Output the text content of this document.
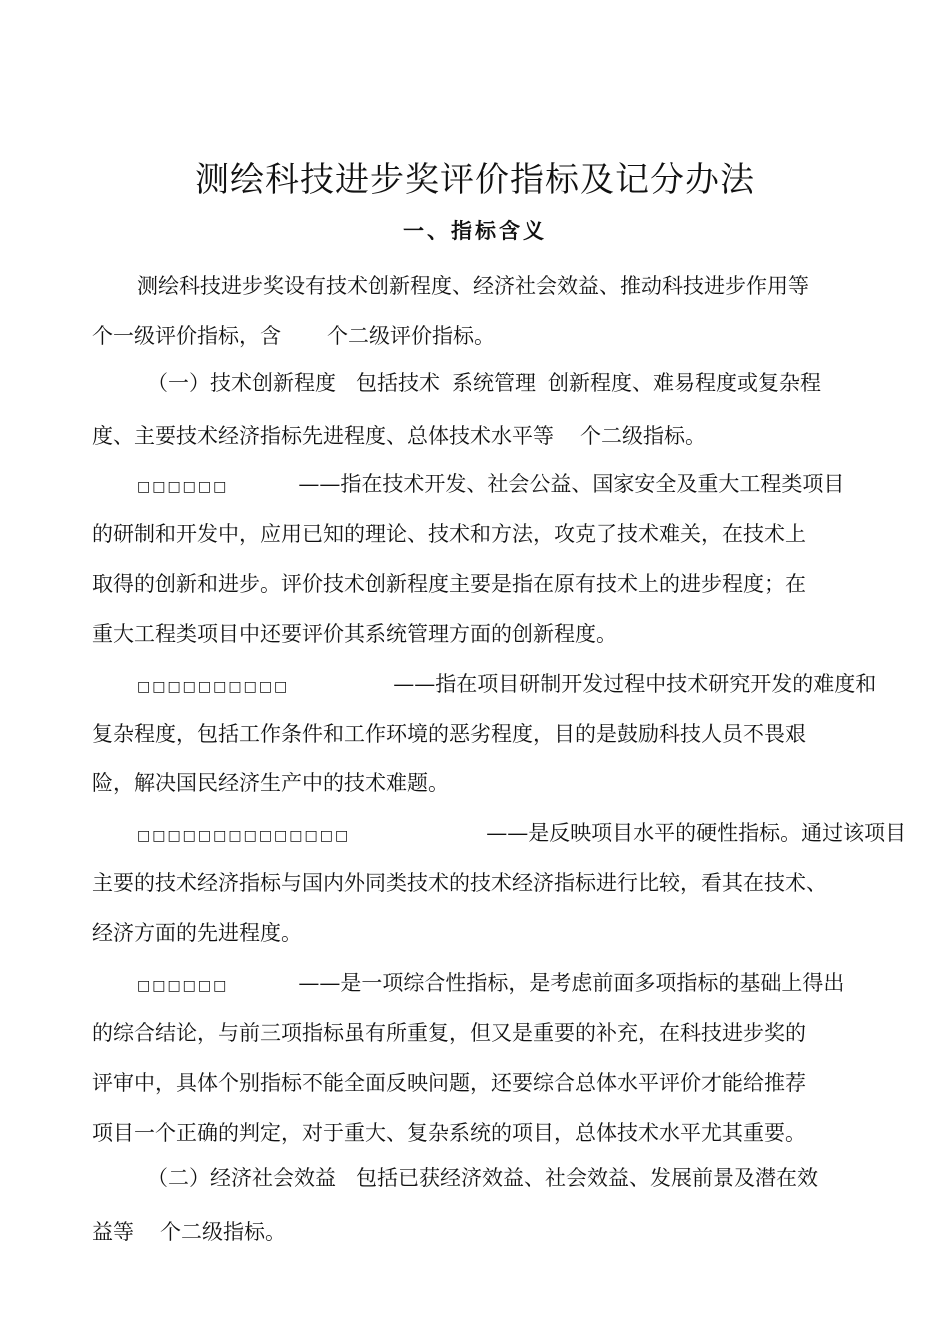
测绘科技进步奖评价指标及记分办法
一、指标含义
测绘科技进步奖设有技术创新程度、经济社会效益、推动科技进步作用等
个一级评价指标，含 个二级评价指标。
（一）技术创新程度 包括技术 系统管理 创新程度、难易程度或复杂程
度、主要技术经济指标先进程度、总体技术水平等 个二级指标。
□□□□□□	——指在技术开发、社会公益、国家安全及重大工程类项目
的研制和开发中，应用已知的理论、技术和方法，攻克了技术难关，在技术上
取得的创新和进步。评价技术创新程度主要是指在原有技术上的进步程度；在
重大工程类项目中还要评价其系统管理方面的创新程度。
□□□□□□□□□□	——指在项目研制开发过程中技术研究开发的难度和
复杂程度，包括工作条件和工作环境的恶劣程度，目的是鼓励科技人员不畏艰
险，解决国民经济生产中的技术难题。
□□□□□□□□□□□□□□	——是反映项目水平的硬性指标。通过该项目
主要的技术经济指标与国内外同类技术的技术经济指标进行比较，看其在技术、
经济方面的先进程度。
□□□□□□	——是一项综合性指标，是考虑前面多项指标的基础上得出
的综合结论，与前三项指标虽有所重复，但又是重要的补充，在科技进步奖的
评审中，具体个别指标不能全面反映问题，还要综合总体水平评价才能给推荐
项目一个正确的判定，对于重大、复杂系统的项目，总体技术水平尤其重要。
（二）经济社会效益 包括已获经济效益、社会效益、发展前景及潜在效
益等 个二级指标。
